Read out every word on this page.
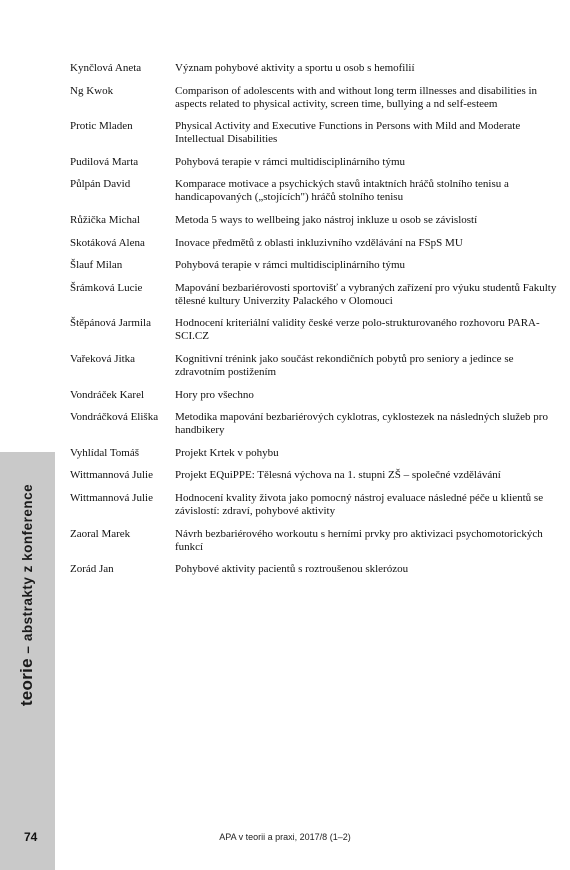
teorie – abstrakty z konference
Kynčlová Aneta	Význam pohybové aktivity a sportu u osob s hemofilií
Ng Kwok	Comparison of adolescents with and without long term illnesses and disabilities in aspects related to physical activity, screen time, bullying a nd self-esteem
Protic Mladen	Physical Activity and Executive Functions in Persons with Mild and Moderate Intellectual Disabilities
Pudilová Marta	Pohybová terapie v rámci multidisciplinárního týmu
Půlpán David	Komparace motivace a psychických stavů intaktních hráčů stolního tenisu a handicapovaných („stojících") hráčů stolního tenisu
Růžička Michal	Metoda 5 ways to wellbeing jako nástroj inkluze u osob se závislostí
Skotáková Alena	Inovace předmětů z oblasti inkluzivního vzdělávání na FSpS MU
Šlauf Milan	Pohybová terapie v rámci multidisciplinárního týmu
Šrámková Lucie	Mapování bezbariérovosti sportovišť a vybraných zařízení pro výuku studentů Fakulty tělesné kultury Univerzity Palackého v Olomouci
Štěpánová Jarmila	Hodnocení kriteriální validity české verze polo-strukturovaného rozhovoru PARA-SCI.CZ
Vařeková Jitka	Kognitivní trénink jako součást rekondičních pobytů pro seniory a jedince se zdravotním postižením
Vondráček Karel	Hory pro všechno
Vondráčková Eliška	Metodika mapování bezbariérových cyklotras, cyklostezek na následných služeb pro handbikery
Vyhlídal Tomáš	Projekt Krtek v pohybu
Wittmannová Julie	Projekt EQuiPPE: Tělesná výchova na 1. stupni ZŠ – společné vzdělávání
Wittmannová Julie	Hodnocení kvality života jako pomocný nástroj evaluace následné péče u klientů se závislostí: zdraví, pohybové aktivity
Zaoral Marek	Návrh bezbariérového workoutu s herními prvky pro aktivizaci psychomotorických funkcí
Zorád Jan	Pohybové aktivity pacientů s roztroušenou sklerózou
74	APA v teorii a praxi, 2017/8 (1–2)
